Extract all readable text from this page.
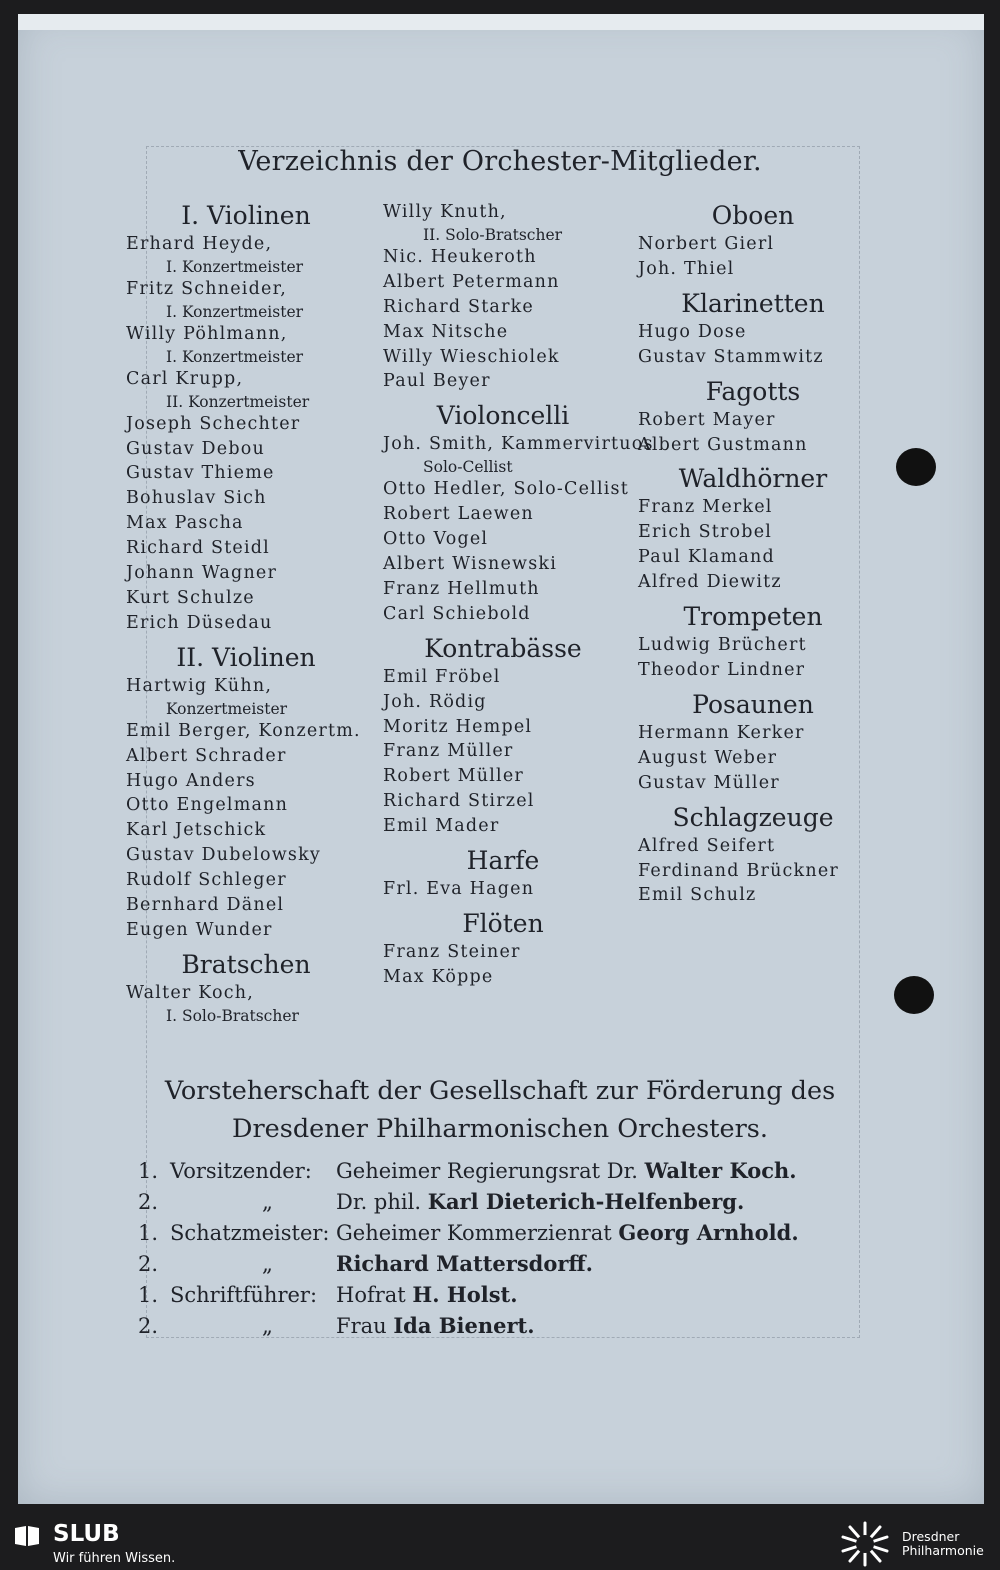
Verzeichnis der Orchester-Mitglieder.
I. Violinen
Erhard Heyde,
I. Konzertmeister
Fritz Schneider,
I. Konzertmeister
Willy Pöhlmann,
I. Konzertmeister
Carl Krupp,
II. Konzertmeister
Joseph Schechter
Gustav Debou
Gustav Thieme
Bohuslav Sich
Max Pascha
Richard Steidl
Johann Wagner
Kurt Schulze
Erich Düsedau
II. Violinen
Hartwig Kühn,
Konzertmeister
Emil Berger, Konzertm.
Albert Schrader
Hugo Anders
Otto Engelmann
Karl Jetschick
Gustav Dubelowsky
Rudolf Schleger
Bernhard Dänel
Eugen Wunder
Bratschen
Walter Koch,
I. Solo-Bratscher
Willy Knuth,
II. Solo-Bratscher
Nic. Heukeroth
Albert Petermann
Richard Starke
Max Nitsche
Willy Wieschiolek
Paul Beyer
Violoncelli
Joh. Smith, Kammervirtuos
Solo-Cellist
Otto Hedler, Solo-Cellist
Robert Laewen
Otto Vogel
Albert Wisnewski
Franz Hellmuth
Carl Schiebold
Kontrabässe
Emil Fröbel
Joh. Rödig
Moritz Hempel
Franz Müller
Robert Müller
Richard Stirzel
Emil Mader
Harfe
Frl. Eva Hagen
Flöten
Franz Steiner
Max Köppe
Oboen
Norbert Gierl
Joh. Thiel
Klarinetten
Hugo Dose
Gustav Stammwitz
Fagotts
Robert Mayer
Albert Gustmann
Waldhörner
Franz Merkel
Erich Strobel
Paul Klamand
Alfred Diewitz
Trompeten
Ludwig Brüchert
Theodor Lindner
Posaunen
Hermann Kerker
August Weber
Gustav Müller
Schlagzeuge
Alfred Seifert
Ferdinand Brückner
Emil Schulz
Vorsteherschaft der Gesellschaft zur Förderung des
Dresdener Philharmonischen Orchesters.
1. Vorsitzender: Geheimer Regierungsrat Dr. Walter Koch.
2.	„	Dr. phil. Karl Dieterich-Helfenberg.
1. Schatzmeister: Geheimer Kommerzienrat Georg Arnhold.
2.	„	Richard Mattersdorff.
1. Schriftführer: Hofrat H. Holst.
2.	„	Frau Ida Bienert.
SLUB
Wir führen Wissen.
Dresdner
Philharmonie
